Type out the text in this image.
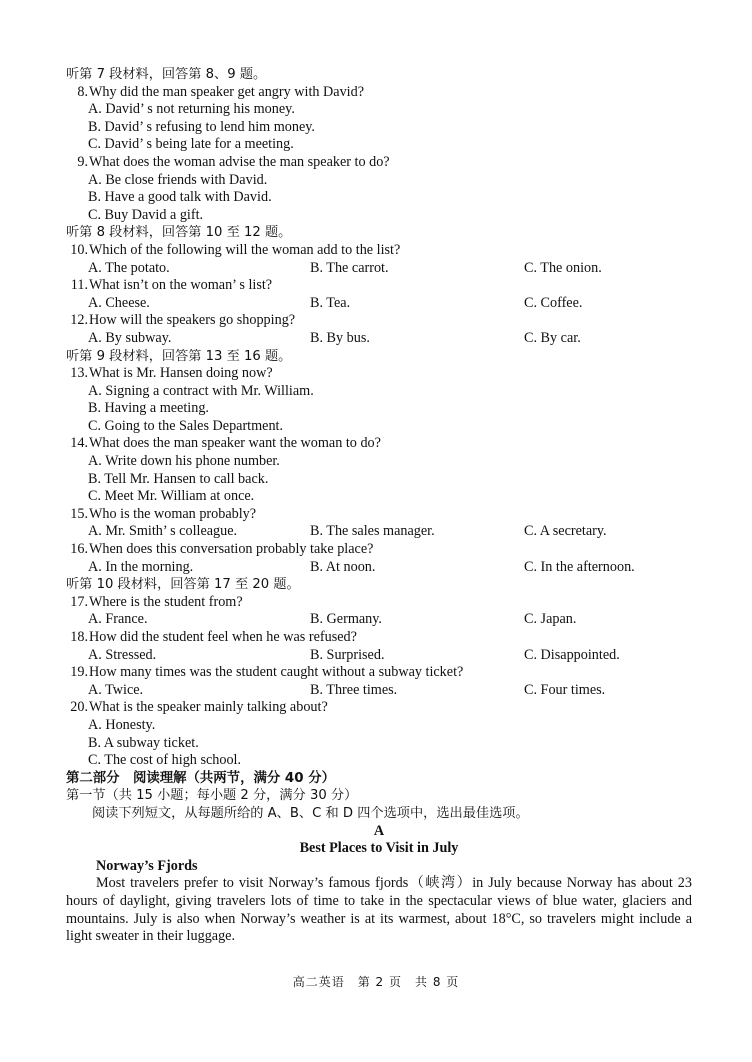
听第 7 段材料，回答第 8、9 题。
8.Why did the man speaker get angry with David?
A. David’ s not returning his money.
B. David’ s refusing to lend him money.
C. David’ s being late for a meeting.
9.What does the woman advise the man speaker to do?
A. Be close friends with David.
B. Have a good talk with David.
C. Buy David a gift.
听第 8 段材料，回答第 10 至 12 题。
10.Which of the following will the woman add to the list?
A. The potato.	B. The carrot.	C. The onion.
11.What isn’t on the woman’ s list?
A. Cheese.	B. Tea.	C. Coffee.
12.How will the speakers go shopping?
A. By subway.	B. By bus.	C. By car.
听第 9 段材料，回答第 13 至 16 题。
13.What is Mr. Hansen doing now?
A. Signing a contract with Mr. William.
B. Having a meeting.
C. Going to the Sales Department.
14.What does the man speaker want the woman to do?
A. Write down his phone number.
B. Tell Mr. Hansen to call back.
C. Meet Mr. William at once.
15.Who is the woman probably?
A. Mr. Smith’ s colleague.	B. The sales manager.	C. A secretary.
16.When does this conversation probably take place?
A. In the morning.	B. At noon.	C. In the afternoon.
听第 10 段材料，回答第 17 至 20 题。
17.Where is the student from?
A. France.	B. Germany.	C. Japan.
18.How did the student feel when he was refused?
A. Stressed.	B. Surprised.	C. Disappointed.
19.How many times was the student caught without a subway ticket?
A. Twice.	B. Three times.	C. Four times.
20.What is the speaker mainly talking about?
A. Honesty.
B. A subway ticket.
C. The cost of high school.
第二部分　阅读理解（共两节，满分 40 分）
第一节（共 15 小题；每小题 2 分，满分 30 分）
阅读下列短文，从每题所给的 A、B、C 和 D 四个选项中，选出最佳选项。
A
Best Places to Visit in July
Norway’s Fjords
Most travelers prefer to visit Norway’s famous fjords（峡湾）in July because Norway has about 23 hours of daylight, giving travelers lots of time to take in the spectacular views of blue water, glaciers and mountains. July is also when Norway’s weather is at its warmest, about 18°C, so travelers might include a light sweater in their luggage.
高二英语　第 2 页　共 8 页
